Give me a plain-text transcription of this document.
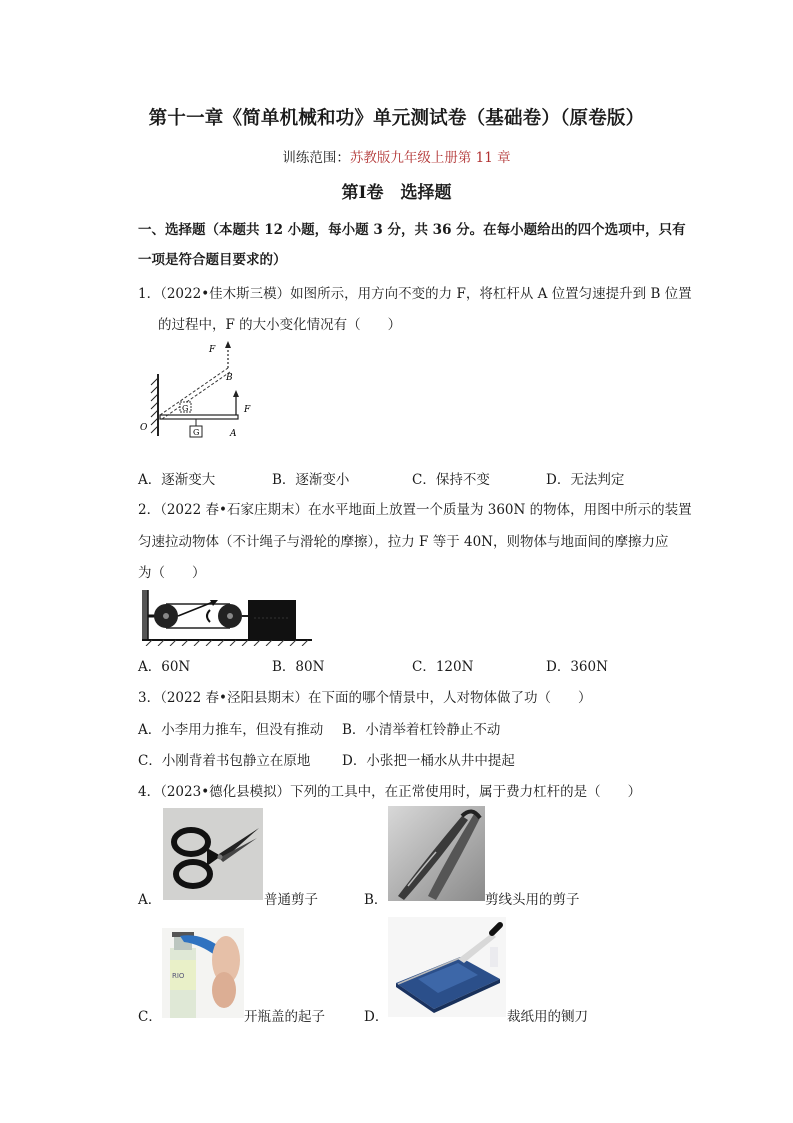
第十一章《简单机械和功》单元测试卷（基础卷）（原卷版）
训练范围：苏教版九年级上册第 11 章
第Ⅰ卷　选择题
一、选择题（本题共 12 小题，每小题 3 分，共 36 分。在每小题给出的四个选项中，只有
一项是符合题目要求的）
1．（2022•佳木斯三模）如图所示，用方向不变的力 F，将杠杆从 A 位置匀速提升到 B 位置
的过程中，F 的大小变化情况有（　　）
F
B
G	F
O	G	A
A．逐渐变大	B．逐渐变小	C．保持不变	D．无法判定
2．（2022 春•石家庄期末）在水平地面上放置一个质量为 360N 的物体，用图中所示的装置
匀速拉动物体（不计绳子与滑轮的摩擦），拉力 F 等于 40N，则物体与地面间的摩擦力应
为（　　）
A．60N	B．80N	C．120N	D．360N
3．（2022 春•泾阳县期末）在下面的哪个情景中，人对物体做了功（　　）
A．小李用力推车，但没有推动 B．小清举着杠铃静止不动
C．小刚背着书包静立在原地 D．小张把一桶水从井中提起
4．（2023•德化县模拟）下列的工具中，在正常使用时，属于费力杠杆的是（　　）
A．	普通剪子	B．	剪线头用的剪子
C．
RIO
开瓶盖的起子	D．	裁纸用的铡刀
